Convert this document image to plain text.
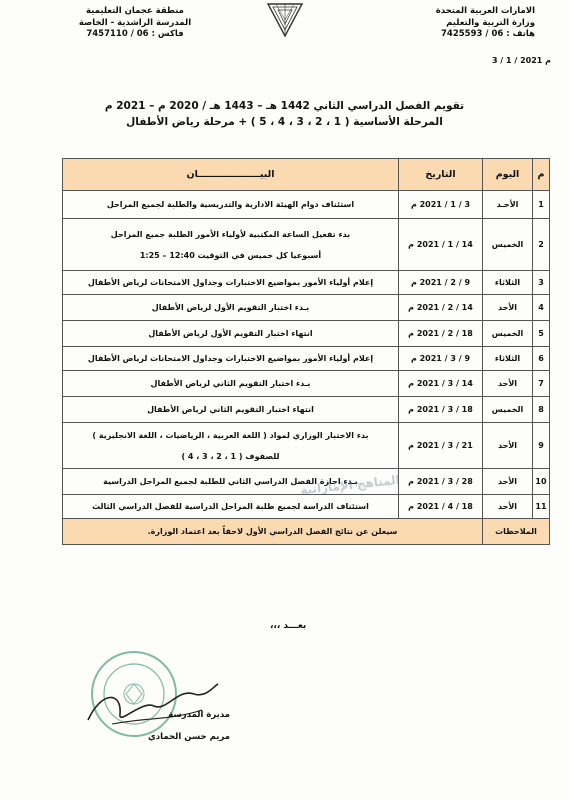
الامارات العربية المتحدة
وزارة التربية والتعليم
هاتف : 06 / 7425593
منطقة عجمان التعليمية
المدرسة الراشدية - الخاصة
فاكس : 06 / 7457110
3 / 1 / 2021 م
تقويم الفصل الدراسي الثاني 1442 هـ – 1443 هـ / 2020 م – 2021 م
المرحلة الأساسية ( 1 ، 2 ، 3 ، 4 ، 5 ) + مرحلة رياض الأطفال
م	اليوم	التاريخ	البيـــــــــــــــــــان
1	الأحـد	3 / 1 / 2021 م	استئناف دوام الهيئة الادارية والتدريسية والطلبة لجميع المراحل

2	الخميس	14 / 1 / 2021 م	بدء تفعيل الساعة المكتبية لأولياء الأمور الطلبة جميع المراحل
أسبوعيا كل خميس في التوقيت 12:40 – 1:25

3	الثلاثاء	9 / 2 / 2021 م	إعلام أولياء الأمور بمواضيع الاختبارات وجداول الامتحانات لرياض الأطفال

4	الأحد	14 / 2 / 2021 م	بـدء اختبار التقويم الأول لرياض الأطفال

5	الخميس	18 / 2 / 2021 م	انتهاء اختبار التقويم الأول لرياض الأطفال

6	الثلاثاء	9 / 3 / 2021 م	إعلام أولياء الأمور بمواضيع الاختبارات وجداول الامتحانات لرياض الأطفال

7	الأحد	14 / 3 / 2021 م	بـدء اختبار التقويم الثاني لرياض الأطفال

8	الخميس	18 / 3 / 2021 م	انتهاء اختبار التقويم الثاني لرياض الأطفال

9	الأحد	21 / 3 / 2021 م	بدء الاختبار الوزاري لمواد ( اللغة العربية ، الرياضيات ، اللغة الانجليزية )
للصفوف ( 1 ، 2 ، 3 ، 4 )

10	الأحد	28 / 3 / 2021 م	بـدء اجازة الفصل الدراسي الثاني للطلبة لجميع المراحل الدراسية

11	الأحد	18 / 4 / 2021 م	استئناف الدراسة لجميع طلبة المراحل الدراسية للفصل الدراسي الثالث

الملاحظات		سيعلن عن نتائج الفصل الدراسي الأول لاحقاً بعد اعتماد الوزارة.	
بعـــد ،،،
مديرة المدرسة
مريم حسن الحمادي
المناهج الإماراتية
